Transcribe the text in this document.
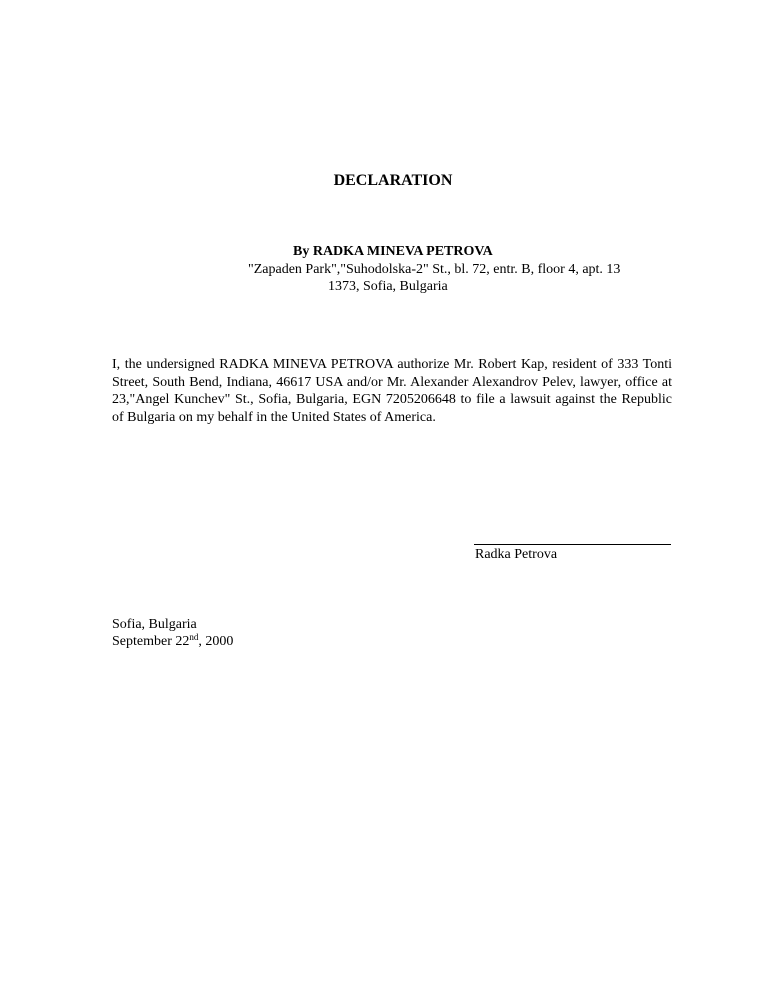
DECLARATION
By RADKA MINEVA PETROVA
"Zapaden Park","Suhodolska-2" St., bl. 72, entr. B, floor 4, apt. 13
1373, Sofia, Bulgaria

I, the undersigned RADKA MINEVA PETROVA authorize Mr. Robert Kap, resident of 333 Tonti Street, South Bend, Indiana, 46617 USA and/or Mr. Alexander Alexandrov Pelev, lawyer, office at 23,"Angel Kunchev" St., Sofia, Bulgaria, EGN 7205206648 to file a lawsuit against the Republic of Bulgaria on my behalf in the United States of America.

Radka Petrova
Sofia, Bulgaria
September 22nd, 2000
